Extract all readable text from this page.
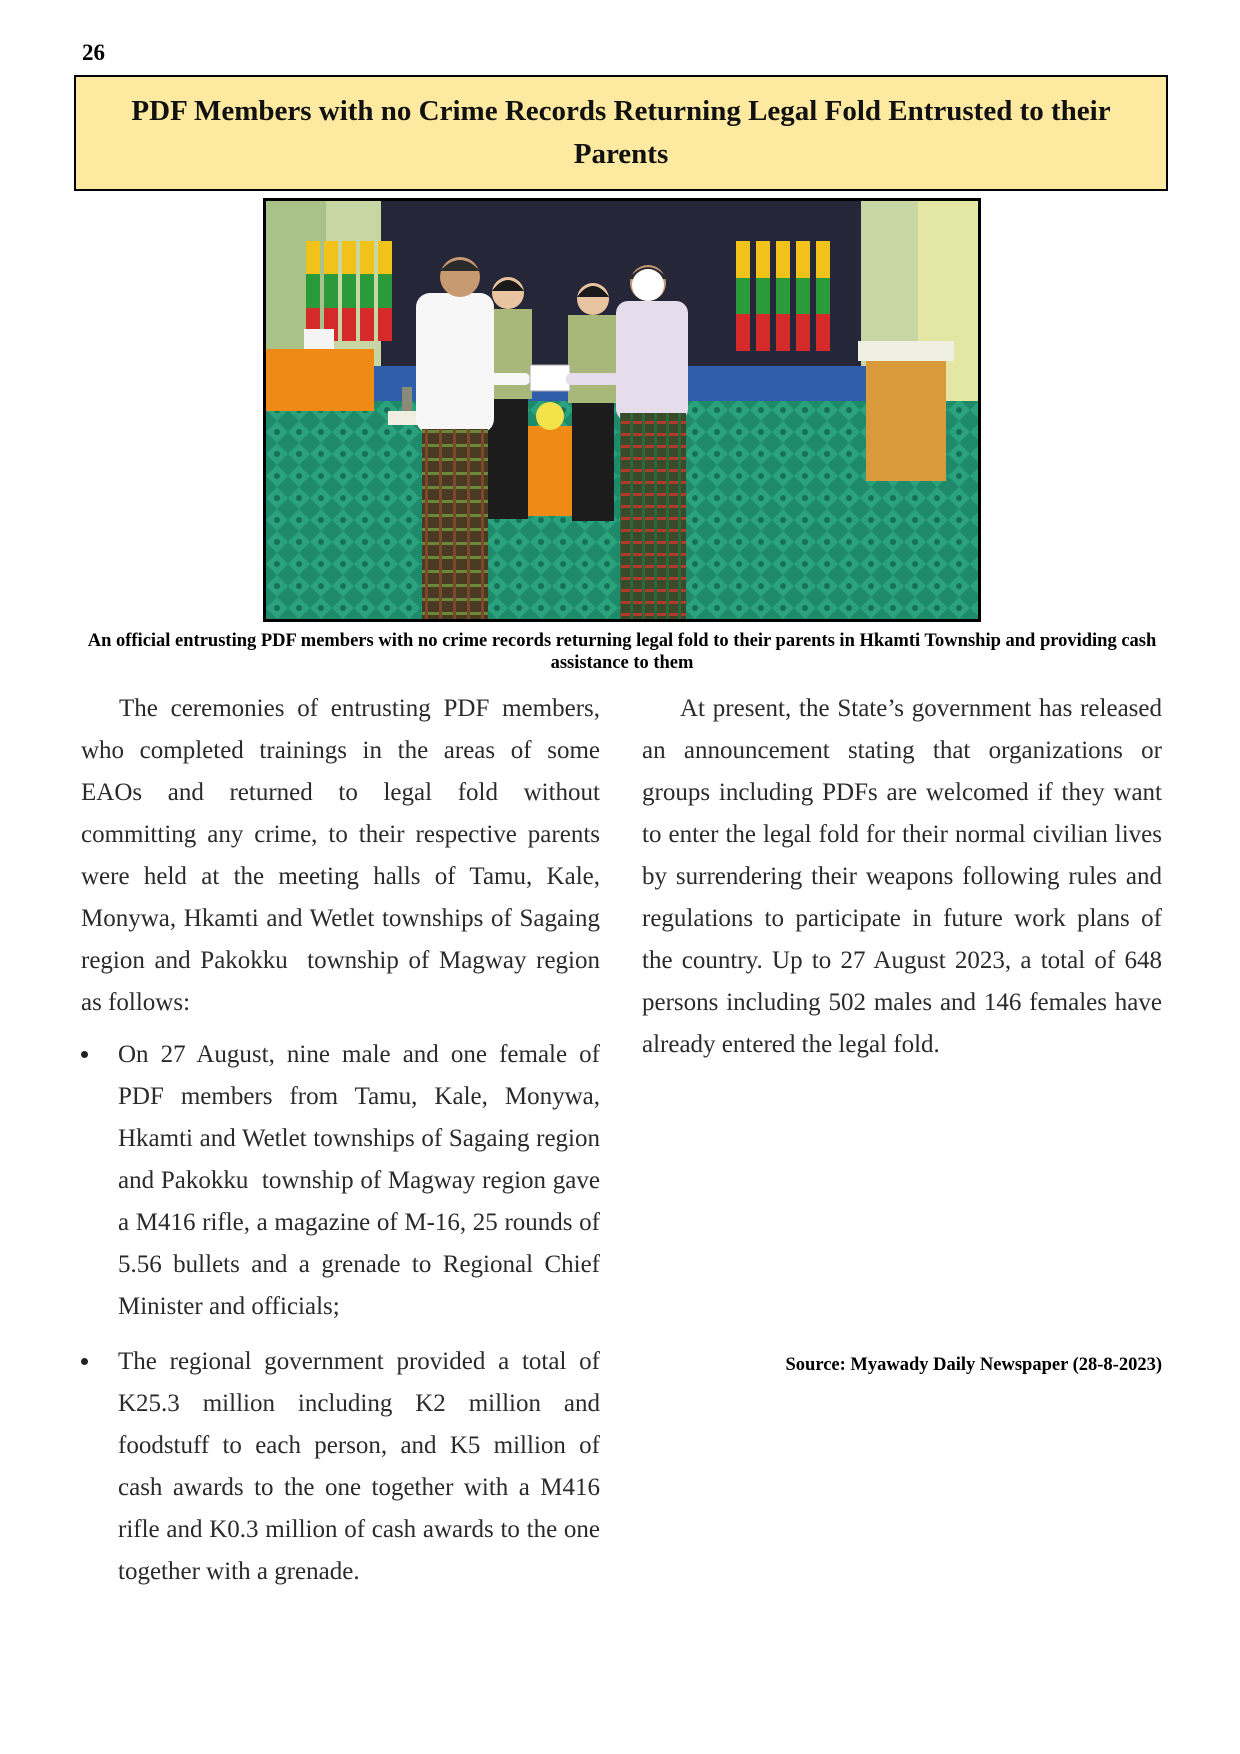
26
PDF Members with no Crime Records Returning Legal Fold Entrusted to their Parents
An official entrusting PDF members with no crime records returning legal fold to their parents in Hkamti Township and providing cash assistance to them

The ceremonies of entrusting PDF members, who completed trainings in the areas of some EAOs and returned to legal fold without committing any crime, to their respective parents were held at the meeting halls of Tamu, Kale, Monywa, Hkamti and Wetlet townships of Sagaing region and Pakokku  township of Magway region as follows:

On 27 August, nine male and one female of PDF members from Tamu, Kale, Monywa, Hkamti and Wetlet townships of Sagaing region and Pakokku  township of Magway region gave a M416 rifle, a magazine of M-16, 25 rounds of 5.56 bullets and a grenade to Regional Chief Minister and officials;
The regional government provided a total of K25.3 million including K2 million and foodstuff to each person, and K5 million of cash awards to the one together with a M416 rifle and K0.3 million of cash awards to the one together with a grenade.

At present, the State’s government has released an announcement stating that organizations or groups including PDFs are welcomed if they want to enter the legal fold for their normal civilian lives by surrendering their weapons following rules and regulations to participate in future work plans of the country. Up to 27 August 2023, a total of 648 persons including 502 males and 146 females have already entered the legal fold.

Source: Myawady Daily Newspaper (28-8-2023)
